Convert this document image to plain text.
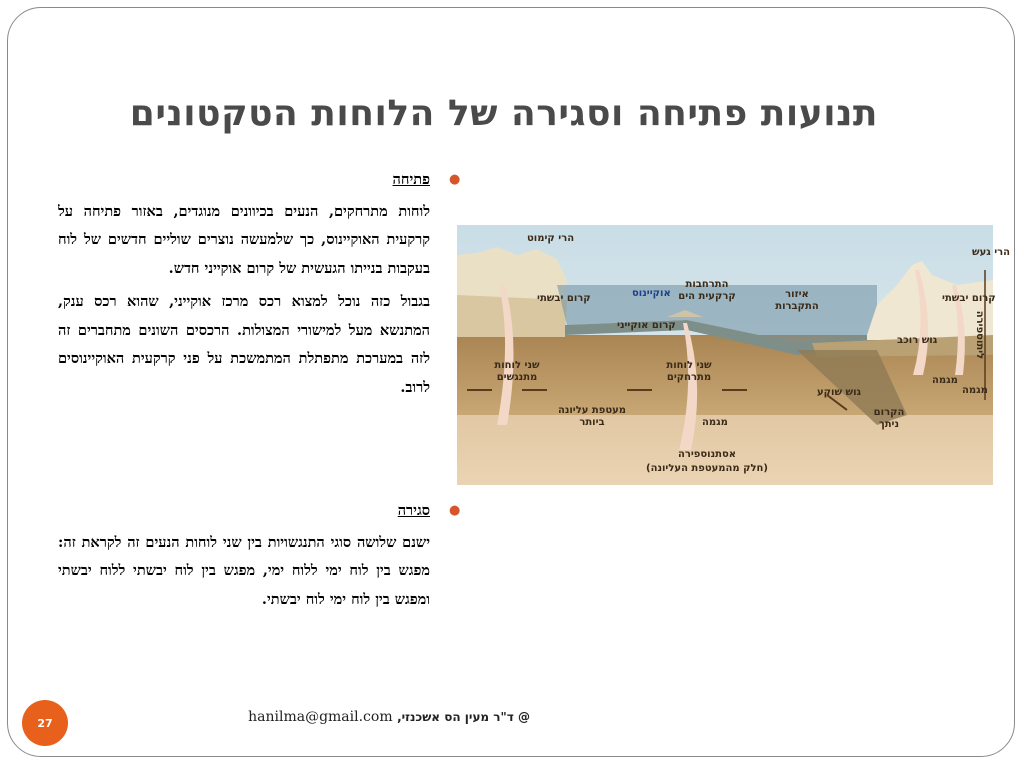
תנועות פתיחה וסגירה של הלוחות הטקטונים
●
פתיחה

לוחות מתרחקים, הנעים בכיוונים מנוגדים, באזור פתיחה על קרקעית האוקיינוס, כך שלמעשה נוצרים שוליים חדשים של לוח בעקבות בנייתו הגעשית של קרום אוקייני חדש.

בגבול כזה נוכל למצוא רכס מרכז אוקייני, שהוא רכס ענק, המתנשא מעל למישורי המצולות. הרכסים השונים מתחברים זה לזה במערכת מתפתלת המתמשכת על פני קרקעית האוקיינוסים לרוב.

●
סגירה

ישנם שלושה סוגי התנגשויות בין שני לוחות הנעים זה לקראת זה: מפגש בין לוח ימי ללוח ימי, מפגש בין לוח יבשתי ללוח יבשתי ומפגש בין לוח ימי לוח יבשתי.

הרי קימוט
הרי געש
קרום יבשתי	קרום יבשתי
אוקיינוס
התרחבות
קרקעית הים	איזור
התקברות
קרום אוקייני
גוש רוכב
שני לוחות
מתנגשים
שני לוחות
מתרחקים	מגמה
מגמה
מגמה
גוש שוקע
הקרום
ניתך
מעטפת עליונה
ביותר
אסתנוספירה
(חלק מהמעטפת העליונה)
ליתוספירה
27	@ ד"ר מעין הס אשכנזי, hanilma@gmail.com
